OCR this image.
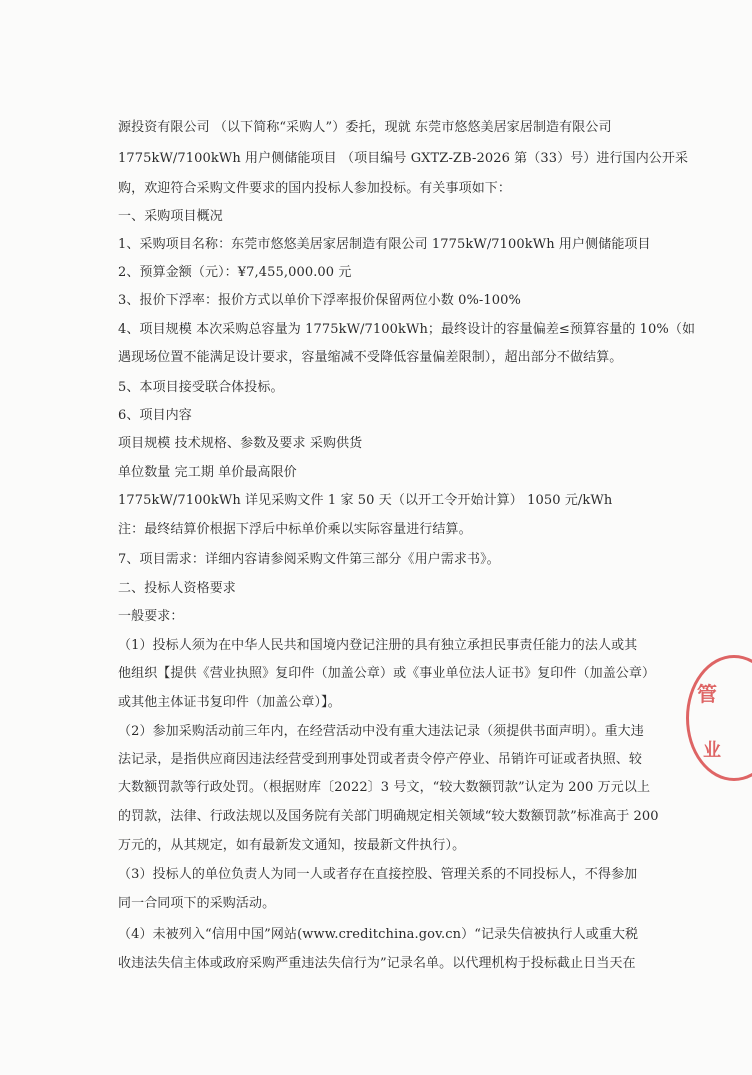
源投资有限公司 （以下简称“采购人”）委托，现就 东莞市悠悠美居家居制造有限公司
1775kW/7100kWh 用户侧储能项目 （项目编号 GXTZ-ZB-2026 第（33）号）进行国内公开采
购，欢迎符合采购文件要求的国内投标人参加投标。有关事项如下：
一、采购项目概况
1、采购项目名称：东莞市悠悠美居家居制造有限公司 1775kW/7100kWh 用户侧储能项目
2、预算金额（元）：¥7,455,000.00 元
3、报价下浮率：报价方式以单价下浮率报价保留两位小数 0%-100%
4、项目规模 本次采购总容量为 1775kW/7100kWh；最终设计的容量偏差≤预算容量的 10%（如
遇现场位置不能满足设计要求，容量缩减不受降低容量偏差限制），超出部分不做结算。
5、本项目接受联合体投标。
6、项目内容
项目规模 技术规格、参数及要求 采购供货
单位数量 完工期 单价最高限价
1775kW/7100kWh 详见采购文件 1 家 50 天（以开工令开始计算） 1050 元/kWh
注：最终结算价根据下浮后中标单价乘以实际容量进行结算。
7、项目需求：详细内容请参阅采购文件第三部分《用户需求书》。
二、投标人资格要求
一般要求：
（1）投标人须为在中华人民共和国境内登记注册的具有独立承担民事责任能力的法人或其
他组织【提供《营业执照》复印件（加盖公章）或《事业单位法人证书》复印件（加盖公章）
或其他主体证书复印件（加盖公章）】。
（2）参加采购活动前三年内，在经营活动中没有重大违法记录（须提供书面声明）。重大违
法记录，是指供应商因违法经营受到刑事处罚或者责令停产停业、吊销许可证或者执照、较
大数额罚款等行政处罚。（根据财库〔2022〕3 号文，“较大数额罚款”认定为 200 万元以上
的罚款，法律、行政法规以及国务院有关部门明确规定相关领域“较大数额罚款”标准高于 200
万元的，从其规定，如有最新发文通知，按最新文件执行）。
（3）投标人的单位负责人为同一人或者存在直接控股、管理关系的不同投标人，不得参加
同一合同项下的采购活动。
（4）未被列入“信用中国”网站(www.creditchina.gov.cn）“记录失信被执行人或重大税
收违法失信主体或政府采购严重违法失信行为”记录名单。以代理机构于投标截止日当天在
管
业
